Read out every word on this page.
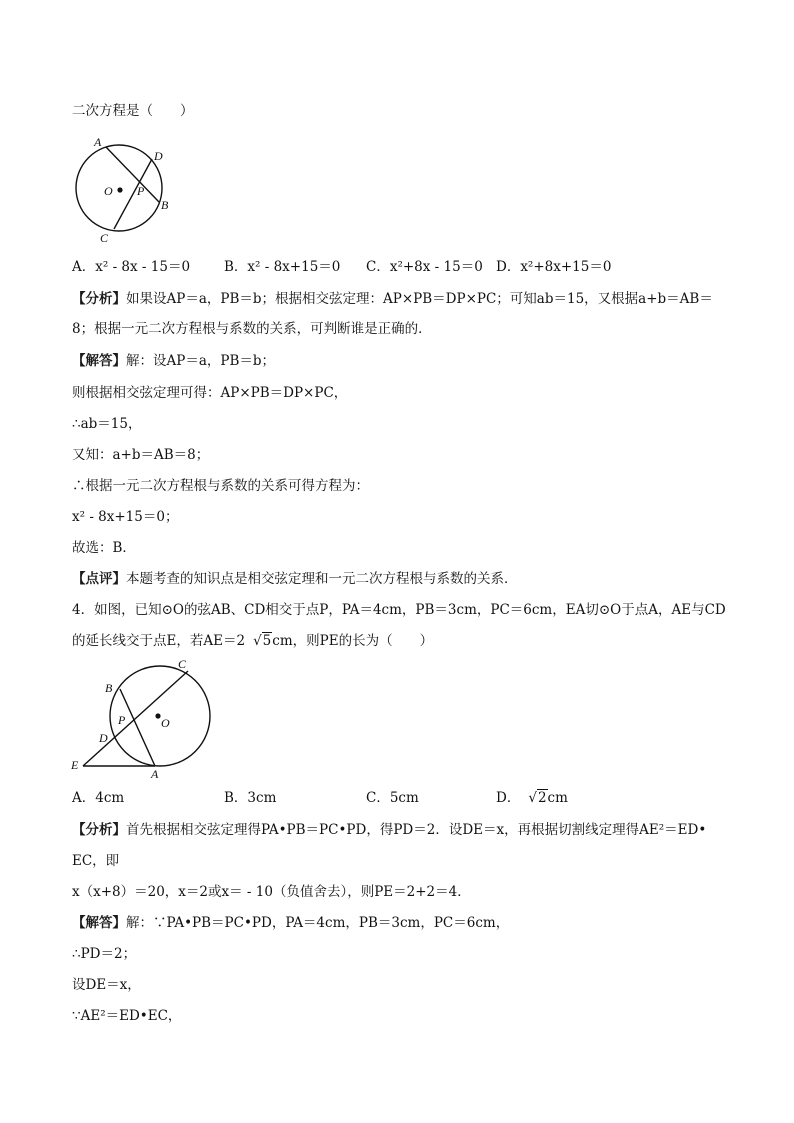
二次方程是（　　）
A
D
O P
B
C
A．x² - 8x - 15＝0	B．x² - 8x+15＝0 C．x²+8x - 15＝0 D．x²+8x+15＝0
【分析】如果设AP＝a，PB＝b；根据相交弦定理：AP×PB＝DP×PC；可知ab＝15，又根据a+b＝AB＝
8；根据一元二次方程根与系数的关系，可判断谁是正确的．
【解答】解：设AP＝a，PB＝b；
则根据相交弦定理可得：AP×PB＝DP×PC，
∴ab＝15，
又知：a+b＝AB＝8；
∴根据一元二次方程根与系数的关系可得方程为：
x² - 8x+15＝0；
故选：B．
【点评】本题考查的知识点是相交弦定理和一元二次方程根与系数的关系．
4．如图，已知⊙O的弦AB、CD相交于点P，PA＝4cm，PB＝3cm，PC＝6cm，EA切⊙O于点A，AE与CD
的延长线交于点E，若AE＝2 √5cm，则PE的长为（　　）
C
B
P	O
D
E
A
A．4cm	B．3cm	C．5cm	D． √2cm
【分析】首先根据相交弦定理得PA•PB＝PC•PD，得PD＝2．设DE＝x，再根据切割线定理得AE²＝ED•
EC，即
x（x+8）＝20，x＝2或x＝ - 10（负值舍去），则PE＝2+2＝4．
【解答】解：∵PA•PB＝PC•PD，PA＝4cm，PB＝3cm，PC＝6cm，
∴PD＝2；
设DE＝x，
∵AE²＝ED•EC，
